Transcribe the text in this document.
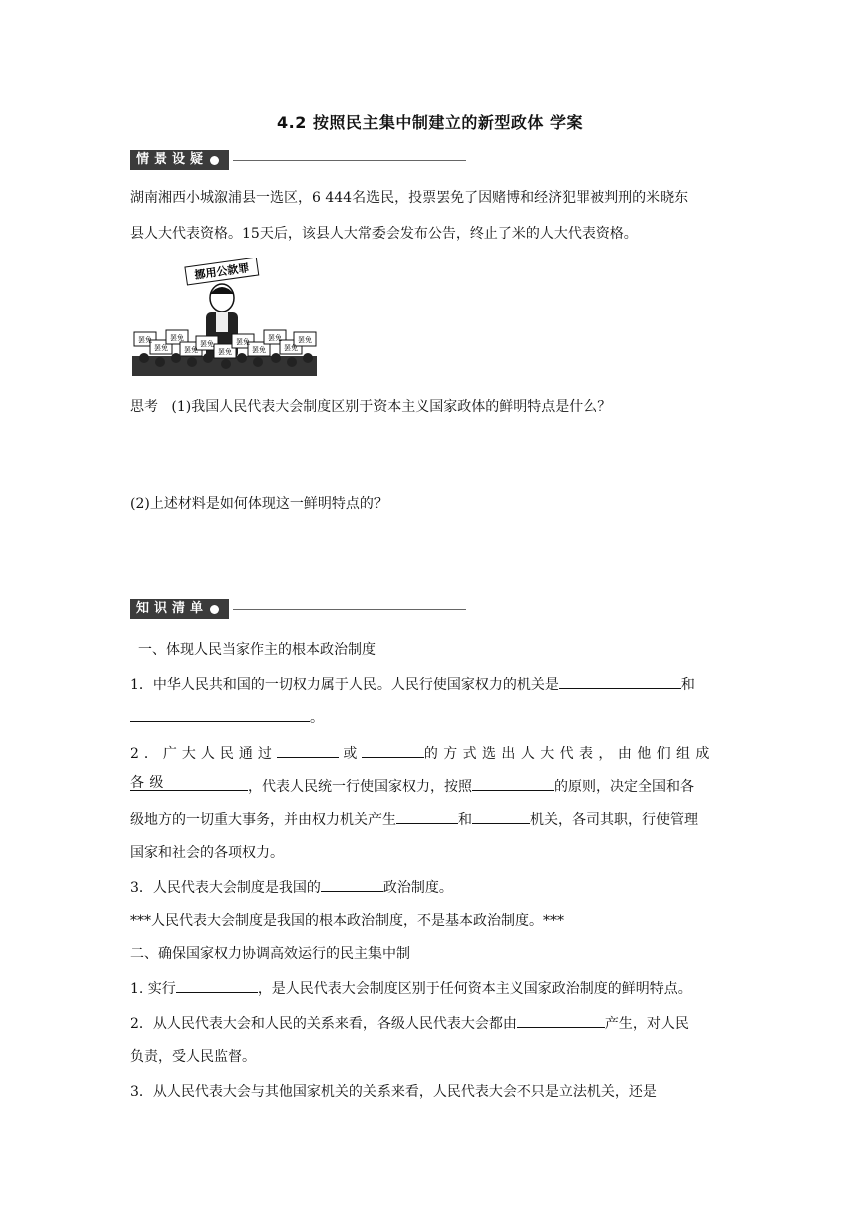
4.2 按照民主集中制建立的新型政体 学案
情景设疑
湖南湘西小城溆浦县一选区，6 444名选民，投票罢免了因赌博和经济犯罪被判刑的米晓东
县人大代表资格。15天后，该县人大常委会发布公告，终止了米的人大代表资格。
挪用公款罪
罢免
罢免
罢免
罢免
罢免
罢免
罢免
罢免
罢免
罢免
罢免
思考 (1)我国人民代表大会制度区别于资本主义国家政体的鲜明特点是什么？
(2)上述材料是如何体现这一鲜明特点的？
知识清单
一、体现人民当家作主的根本政治制度
1．中华人民共和国的一切权力属于人民。人民行使国家权力的机关是	和
。
2．广大人民通过	或	的方式选出人大代表，由他们组成各级	，代表人民统一行使国家权力，按照	的原则，决定全国和各
级地方的一切重大事务，并由权力机关产生	和	机关，各司其职，行使管理
国家和社会的各项权力。
3．人民代表大会制度是我国的	政治制度。
***人民代表大会制度是我国的根本政治制度，不是基本政治制度。***
二、确保国家权力协调高效运行的民主集中制
1. 实行	，是人民代表大会制度区别于任何资本主义国家政治制度的鲜明特点。
2．从人民代表大会和人民的关系来看，各级人民代表大会都由	产生，对人民
负责，受人民监督。
3．从人民代表大会与其他国家机关的关系来看，人民代表大会不只是立法机关，还是
